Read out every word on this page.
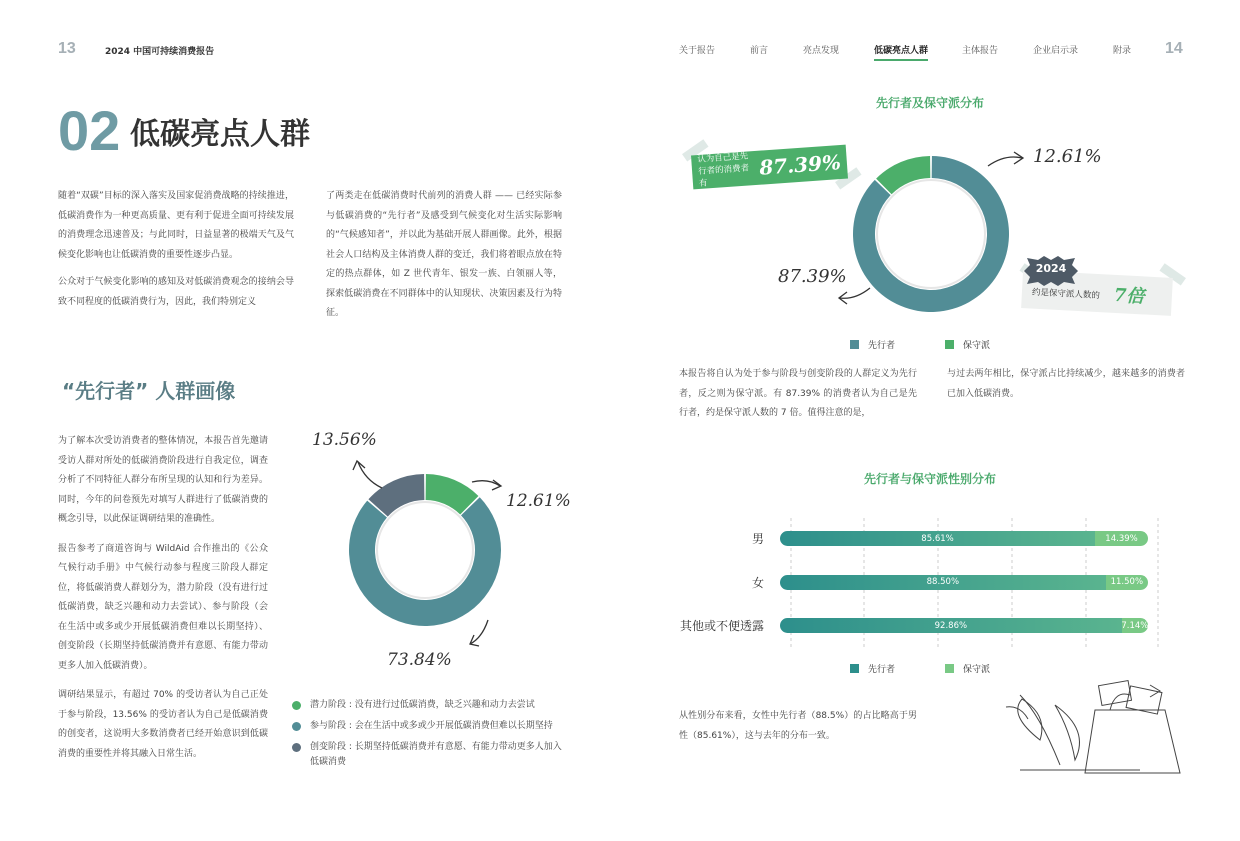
13	2024 中国可持续消费报告	关于报告	前言	亮点发现	低碳亮点人群	主体报告	企业启示录	附录 14
02 低碳亮点人群

随着“双碳”目标的深入落实及国家促消费战略的持续推进，低碳消费作为一种更高质量、更有利于促进全面可持续发展的消费理念迅速普及；与此同时，日益显著的极端天气及气候变化影响也让低碳消费的重要性逐步凸显。

公众对于气候变化影响的感知及对低碳消费观念的接纳会导致不同程度的低碳消费行为，因此，我们特别定义

了两类走在低碳消费时代前列的消费人群 —— 已经实际参与低碳消费的“先行者”及感受到气候变化对生活实际影响的“气候感知者”，并以此为基础开展人群画像。此外，根据社会人口结构及主体消费人群的变迁，我们将着眼点放在特定的热点群体，如 Z 世代青年、银发一族、白领丽人等，探索低碳消费在不同群体中的认知现状、决策因素及行为特征。

“先行者” 人群画像

为了解本次受访消费者的整体情况，本报告首先邀请受访人群对所处的低碳消费阶段进行自我定位，调查分析了不同特征人群分布所呈现的认知和行为差异。同时，今年的问卷预先对填写人群进行了低碳消费的概念引导，以此保证调研结果的准确性。

报告参考了商道咨询与 WildAid 合作推出的《公众气候行动手册》中气候行动参与程度三阶段人群定位，将低碳消费人群划分为，潜力阶段（没有进行过低碳消费，缺乏兴趣和动力去尝试）、参与阶段（会在生活中或多或少开展低碳消费但难以长期坚持）、创变阶段（长期坚持低碳消费并有意愿、有能力带动更多人加入低碳消费）。

调研结果显示，有超过 70% 的受访者认为自己正处于参与阶段，13.56% 的受访者认为自己是低碳消费的创变者，这说明大多数消费者已经开始意识到低碳消费的重要性并将其融入日常生活。

13.56%
12.61%
73.84%
潜力阶段 : 没有进行过低碳消费，缺乏兴趣和动力去尝试
参与阶段 : 会在生活中或多或少开展低碳消费但难以长期坚持
创变阶段 : 长期坚持低碳消费并有意愿、有能力带动更多人加入低碳消费
先行者及保守派分布
认为自己是先行者的消费者有
87.39%	12.61%
87.39%
约是保守派人数的 7倍
2024
先行者	保守派
本报告将自认为处于参与阶段与创变阶段的人群定义为先行者，反之则为保守派。有 87.39% 的消费者认为自己是先行者，约是保守派人数的 7 倍。值得注意的是，
与过去两年相比，保守派占比持续减少，越来越多的消费者已加入低碳消费。
先行者与保守派性别分布
男	85.61%	14.39%
女	88.50%	11.50%
其他或不便透露	92.86%	7.14%
先行者	保守派
从性别分布来看，女性中先行者（88.5%）的占比略高于男性（85.61%），这与去年的分布一致。
